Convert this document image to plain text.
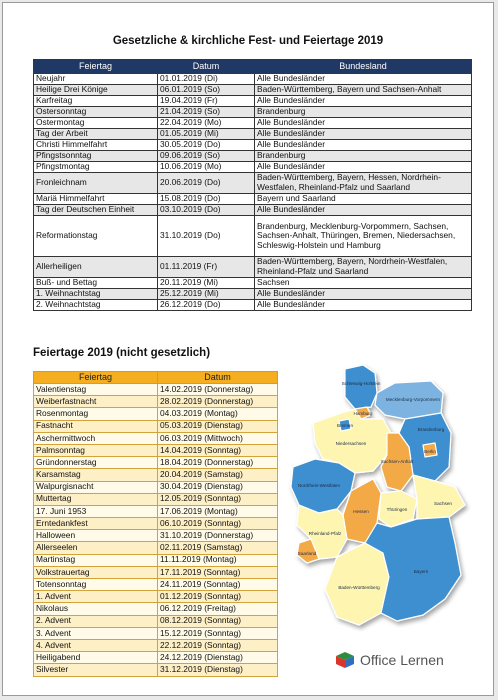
Gesetzliche & kirchliche Fest- und Feiertage 2019
Feiertag	Datum	Bundesland
Neujahr	01.01.2019 (Di)	Alle Bundesländer
Heilige Drei Könige	06.01.2019 (So)	Baden-Württemberg, Bayern und Sachsen-Anhalt
Karfreitag	19.04.2019 (Fr)	Alle Bundesländer
Ostersonntag	21.04.2019 (So)	Brandenburg
Ostermontag	22.04.2019 (Mo)	Alle Bundesländer
Tag der Arbeit	01.05.2019 (Mi)	Alle Bundesländer
Christi Himmelfahrt	30.05.2019 (Do)	Alle Bundesländer
Pfingstsonntag	09.06.2019 (So)	Brandenburg
Pfingstmontag	10.06.2019 (Mo)	Alle Bundesländer
Fronleichnam	20.06.2019 (Do)	Baden-Württemberg, Bayern, Hessen, Nordrhein-Westfalen, Rheinland-Pfalz und Saarland
Mariä Himmelfahrt	15.08.2019 (Do)	Bayern und Saarland
Tag der Deutschen Einheit	03.10.2019 (Do)	Alle Bundesländer
Reformationstag	31.10.2019 (Do)	Brandenburg, Mecklenburg-Vorpommern, Sachsen, Sachsen-Anhalt, Thüringen, Bremen, Niedersachsen, Schleswig-Holstein und Hamburg
Allerheiligen	01.11.2019 (Fr)	Baden-Württemberg, Bayern, Nordrhein-Westfalen, Rheinland-Pfalz und Saarland
Buß- und Bettag	20.11.2019 (Mi)	Sachsen
1. Weihnachtstag	25.12.2019 (Mi)	Alle Bundesländer
2. Weihnachtstag	26.12.2019 (Do)	Alle Bundesländer
Feiertage 2019 (nicht gesetzlich)
Feiertag	Datum
Valentienstag	14.02.2019 (Donnerstag)
Weiberfastnacht	28.02.2019 (Donnerstag)
Rosenmontag	04.03.2019 (Montag)
Fastnacht	05.03.2019 (Dienstag)
Aschermittwoch	06.03.2019 (Mittwoch)
Palmsonntag	14.04.2019 (Sonntag)
Gründonnerstag	18.04.2019 (Donnerstag)
Karsamstag	20.04.2019 (Samstag)
Walpurgisnacht	30.04.2019 (Dienstag)
Muttertag	12.05.2019 (Sonntag)
17. Juni 1953	17.06.2019 (Montag)
Erntedankfest	06.10.2019 (Sonntag)
Halloween	31.10.2019 (Donnerstag)
Allerseelen	02.11.2019 (Samstag)
Martinstag	11.11.2019 (Montag)
Volkstrauertag	17.11.2019 (Sonntag)
Totensonntag	24.11.2019 (Sonntag)
1. Advent	01.12.2019 (Sonntag)
Nikolaus	06.12.2019 (Freitag)
2. Advent	08.12.2019 (Sonntag)
3. Advent	15.12.2019 (Sonntag)
4. Advent	22.12.2019 (Sonntag)
Heiligabend	24.12.2019 (Dienstag)
Silvester	31.12.2019 (Dienstag)
Schleswig-Holstein
Hamburg
Mecklenburg-Vorpommern
Bremen
Niedersachsen
Brandenburg
Berlin
Sachsen-Anhalt
Nordrhein-Westfalen
Sachsen
Thüringen
Hessen
Rheinland-Pfalz
Saarland
Bayern
Baden-Württemberg
Office Lernen
